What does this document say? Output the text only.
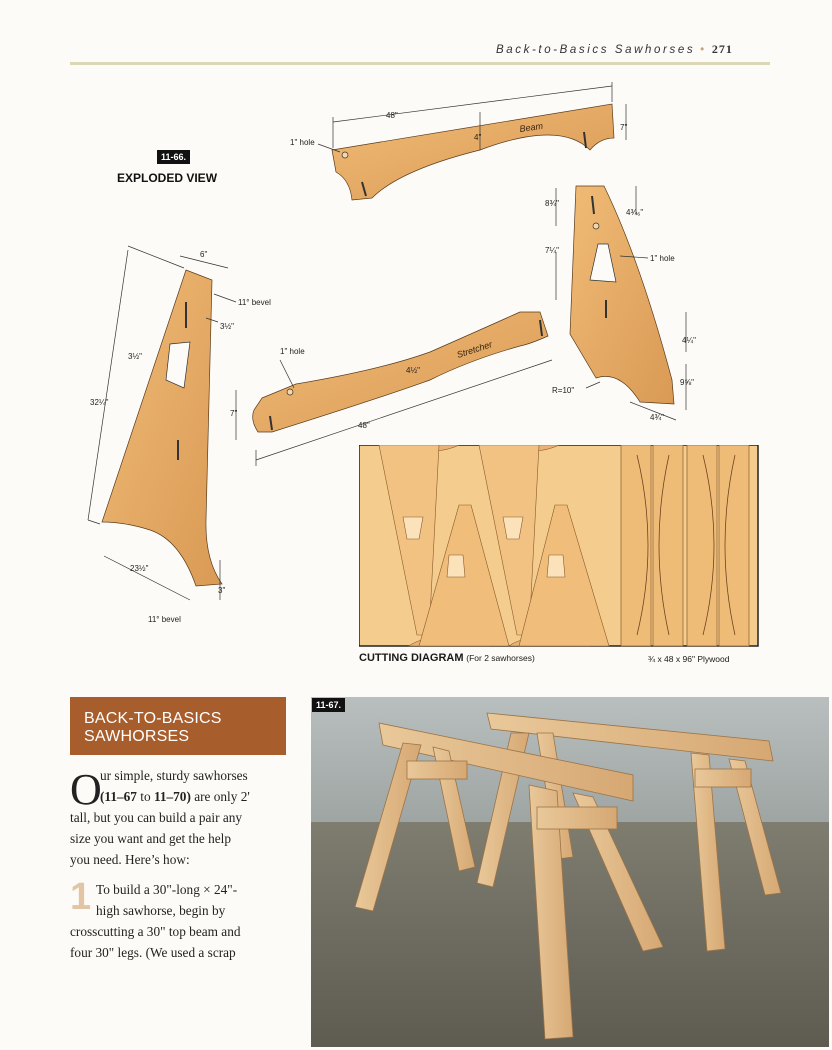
Back-to-Basics Sawhorses • 271
11-66.
EXPLODED VIEW
48"
4"
7"
1" hole
Beam
6"
11° bevel
3½"
3½"
32¼"
23½"
3"
11° bevel
1" hole
4½"
7"
48"
Stretcher
8¾"
4¾₆"
7¼"
1" hole
4¼"
9⅝"
R=10"
4¾"
CUTTING DIAGRAM (For 2 sawhorses)	¾ x 48 x 96" Plywood
BACK-TO-BASICS
SAWHORSES
O
ur simple, sturdy sawhorses
(11–67 to 11–70) are only 2'
tall, but you can build a pair any
size you want and get the help
you need. Here’s how:
1 To build a 30"-long × 24"-
high sawhorse, begin by
crosscutting a 30" top beam and
four 30" legs. (We used a scrap
11-67.
